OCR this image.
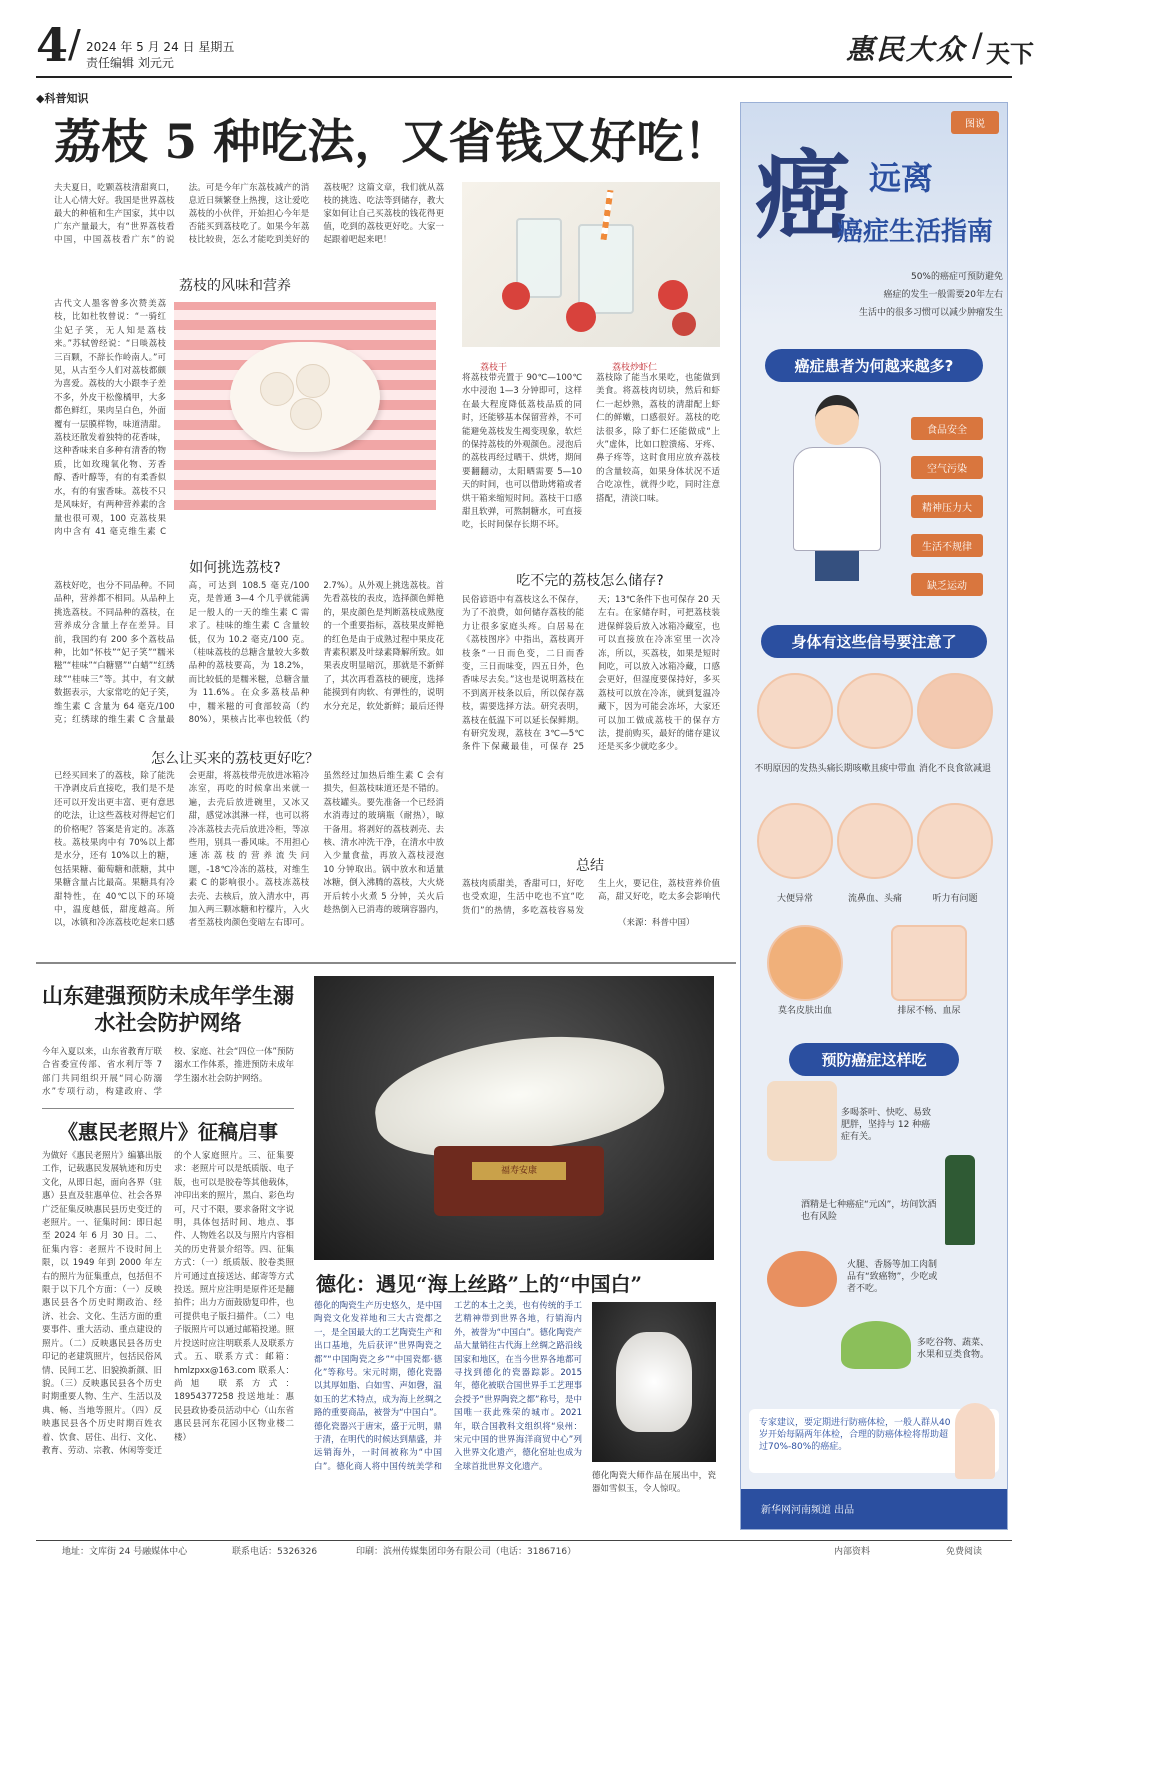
4 / 2024 年 5 月 24 日 星期五
责任编辑 刘元元	惠民大众 / 天下
◆科普知识
荔枝 5 种吃法，又省钱又好吃！
夫夫夏日，吃颗荔枝清甜爽口，让人心情大好。我国是世界荔枝最大的种植和生产国家，其中以广东产量最大，有“世界荔枝看中国，中国荔枝看广东”的说法。可是今年广东荔枝减产的消息近日频繁登上热搜，这让爱吃荔枝的小伙伴，开始担心今年是否能买到荔枝吃了。如果今年荔枝比较贵，怎么才能吃到美好的荔枝呢？这篇文章，我们就从荔枝的挑选、吃法等到储存，教大家如何让自己买荔枝的钱花得更值，吃到的荔枝更好吃。大家一起跟着吧起来吧！
荔枝的风味和营养
古代文人墨客曾多次赞美荔枝，比如杜牧曾说：“一骑红尘妃子笑，无人知是荔枝来。”苏轼曾经说：“日啖荔枝三百颗，不辞长作岭南人。”可见，从古至今人们对荔枝都颇为喜爱。荔枝的大小跟李子差不多，外皮干松像橘甲，大多都色鲜红，果肉呈白色，外面覆有一层膜样物，味道清甜。荔枝还散发着独特的花香味，这种香味来自多种有清香的物质，比如玫瑰氧化物、芳香醇、香叶醇等，有的有柔香似水，有的有蜜香味。荔枝不只是风味好，有两种营养素的含量也很可观，100 克荔枝果肉中含有 41 毫克维生素 C
荔枝干
将荔枝带壳置于 90℃—100℃水中浸泡 1—3 分钟即可，这样在最大程度降低荔枝品质的同时，还能够基本保留营养，不可能避免荔枝发生褐变现象，软烂的保持荔枝的外观颜色。浸泡后的荔枝再经过晒干、烘烤，期间要翻翻动，太阳晒需要 5—10 天的时间，也可以借助烤箱或者烘干箱来缩短时间。荔枝干口感甜且软弹，可熬制糖水，可直接吃，长时间保存长期不坏。
荔枝炒虾仁
荔枝除了能当水果吃，也能做到美食。将荔枝肉切块，然后和虾仁一起炒熟，荔枝的清甜配上虾仁的鲜嫩，口感很好。荔枝的吃法很多，除了虾仁还能做成“上火”虚体，比如口腔溃疡、牙疼、鼻子疼等，这时食用应放弃荔枝的含量较高，如果身体状况不适合吃凉性，就得少吃，同时注意搭配，清淡口味。
如何挑选荔枝?
荔枝好吃，也分不同品种。不同品种，营养都不相同。从品种上挑选荔枝。不同品种的荔枝，在营养成分含量上存在差异。目前，我国约有 200 多个荔枝品种，比如“怀枝”“妃子笑”“糯米糍”“桂味”“白糖罂”“白蜡”“红绣球”“桂味三”等。其中，有文献数据表示，大家常吃的妃子笑，维生素 C 含量为 64 毫克/100 克；红绣球的维生素 C 含量最高，可达到 108.5 毫克/100 克，是普通 3—4 个几乎就能满足一般人的一天的维生素 C 需求了。桂味的维生素 C 含量较低，仅为 10.2 毫克/100 克。（桂味荔枝的总糖含量较大多数品种的荔枝要高，为 18.2%，而比较低的是糯米糍，总糖含量为 11.6%。在众多荔枝品种中，糯米糍的可食部较高（约 80%），果核占比率也较低（约 2.7%）。从外观上挑选荔枝。首先看荔枝的表皮，选择颜色鲜艳的，果皮颜色是判断荔枝成熟度的一个重要指标，荔枝果皮鲜艳的红色是由于成熟过程中果皮花青素积累及叶绿素降解所致。如果表皮明显暗沉，那就是不新鲜了，其次再看荔枝的硬度，选择能摸到有肉软、有弹性的，说明水分充足，软处新鲜；最后还得
吃不完的荔枝怎么储存?
民俗谚语中有荔枝这么不保存，为了不浪费，如何储存荔枝的能力让很多家庭头疼。白居易在《荔枝图序》中指出，荔枝离开枝条“一日而色变，二日而香变，三日而味变，四五日外，色香味尽去矣。”这也是说明荔枝在不到离开枝条以后，所以保存荔枝，需要选择方法。研究表明，荔枝在低温下可以延长保鲜期。有研究发现，荔枝在 3℃—5℃条件下保藏最佳，可保存 25 天；13℃条件下也可保存 20 天左右。在家储存时，可把荔枝装进保鲜袋后放入冰箱冷藏室，也可以直接放在冷冻室里一次冷冻，所以，买荔枝，如果是短时间吃，可以放入冰箱冷藏，口感会更好，但湿度要保持好，多买荔枝可以放在冷冻，就到复温冷藏下，因为可能会冻坏，大家还可以加工做成荔枝干的保存方法，提前购买，最好的储存建议还是买多少就吃多少。
怎么让买来的荔枝更好吃？
已经买回来了的荔枝，除了能洗干净剥皮后直接吃，我们是不是还可以开发出更丰富、更有意思的吃法，让这些荔枝对得起它们的价格呢？答案是肯定的。冻荔枝。荔枝果肉中有 70%以上都是水分，还有 10%以上的糖，包括果糖、葡萄糖和蔗糖，其中果糖含量占比最高。果糖具有冷甜特性，在 40℃以下的环境中，温度越低，甜度越高。所以，冰镇和冷冻荔枝吃起来口感会更甜，将荔枝带壳放进冰箱冷冻室，再吃的时候拿出来就一遍，去壳后放进碗里，又冰又甜，感觉冰淇淋一样，也可以将冷冻荔枝去壳后放进冷柜，等凉些用，别具一番风味。不用担心速冻荔枝的营养流失问题，-18℃冷冻的荔枝，对维生素 C 的影响很小。荔枝冻荔枝去壳、去核后，放入清水中，再加入两三颗冰糖和柠檬片，入火者至荔枝肉颜色变暗左右即可。虽然经过加热后维生素 C 会有损失，但荔枝味道还是不错的。荔枝罐头。要先准备一个已经消水消毒过的玻璃瓶（耐热），晾干备用。将剥好的荔枝剥壳、去核、清水冲洗干净，在清水中放入少量食盐，再放入荔枝浸泡 10 分钟取出。锅中放水和适量冰糖，倒入沸腾的荔枝，大火烧开后转小火煮 5 分钟，关火后趁热倒入已消毒的玻璃容器内，
总结
荔枝肉质甜美，香甜可口，好吃也受欢迎，生活中吃也不宜“吃货们”的热情，多吃荔枝容易发生上火，要记住，荔枝营养价值高，甜又好吃，吃太多会影响代
（来源：科普中国）
山东建强预防未成年学生溺水社会防护网络
今年入夏以来，山东省教育厅联合省委宣传部、省水利厅等 7 部门共同组织开展“同心防溺水”专项行动，构建政府、学校、家庭、社会“四位一体”预防溺水工作体系，推进预防未成年学生溺水社会防护网络。
《惠民老照片》征稿启事
为做好《惠民老照片》编纂出版工作，记载惠民发展轨迹和历史文化，从即日起，面向各界（驻惠）县直及驻惠单位、社会各界广泛征集反映惠民县历史变迁的老照片。一、征集时间：即日起至 2024 年 6 月 30 日。二、征集内容：老照片不设时间上限，以 1949 年到 2000 年左右的照片为征集重点，包括但不限于以下几个方面：（一）反映惠民县各个历史时期政治、经济、社会、文化、生活方面的重要事件、重大活动、重点建设的照片。（二）反映惠民县各历史印记的老建筑照片，包括民俗风情、民间工艺、旧貌换新颜、旧貌。（三）反映惠民县各个历史时期重要人物、生产、生活以及典、畅、当地等照片。（四）反映惠民县各个历史时期百姓衣着、饮食、居住、出行、文化、教育、劳动、宗教、休闲等变迁的个人家庭照片。三、征集要求：老照片可以是纸质版、电子版，也可以是胶卷等其他载体，冲印出来的照片，黑白、彩色均可，尺寸不限，要求备附文字说明，具体包括时间、地点、事件、人物姓名以及与照片内容相关的历史背景介绍等。四、征集方式：（一）纸质版、胶卷类照片可通过直接送达、邮寄等方式投送。照片应注明是原件还是翻拍件；出力方面鼓励复印件，也可提供电子版扫描件。（二）电子版照片可以通过邮箱投递。照片投送时应注明联系人及联系方式。五、联系方式：邮箱：hmlzpxx@163.com 联系人：尚旭 联系方式：18954377258 投送地址：惠民县政协委员活动中心（山东省惠民县河东花园小区物业楼二楼）
福寿安康
德化：遇见“海上丝路”上的“中国白”
德化的陶瓷生产历史悠久，是中国陶瓷文化发祥地和三大古瓷都之一，是全国最大的工艺陶瓷生产和出口基地，先后获评“世界陶瓷之都”“中国陶瓷之乡”“中国瓷都·德化”等称号。宋元时期，德化瓷器以其厚如脂、白如雪、声如磬，温如玉的艺术特点，成为海上丝绸之路的重要商品，被誉为“中国白”。德化瓷器兴于唐宋，盛于元明，鼎于清，在明代的时候达到鼎盛，并远销海外，一时间被称为“中国白”。德化商人将中国传统美学和工艺的本土之美，也有传统的手工艺精神带到世界各地，行销海内外，被誉为“中国白”。德化陶瓷产品大量销往古代海上丝绸之路沿线国家和地区，在当今世界各地都可寻找到德化的瓷器踪影。2015 年，德化被联合国世界手工艺理事会授予“世界陶瓷之都”称号，是中国唯一获此殊荣的城市。2021 年，联合国教科文组织将“泉州：宋元中国的世界海洋商贸中心”列入世界文化遗产，德化窑址也成为全球首批世界文化遗产。
德化陶瓷大师作品在展出中，瓷器如雪似玉，令人惊叹。
图说
癌 远离
癌症生活指南
50%的癌症可预防避免
癌症的发生一般需要20年左右
生活中的很多习惯可以减少肿瘤发生
癌症患者为何越来越多?
食品安全
空气污染
精神压力大
生活不规律
缺乏运动
身体有这些信号要注意了
不明原因的发热头痛
长期咳嗽且痰中带血 消化不良食欲减退
大便异常	流鼻血、头痛	听力有问题
莫名皮肤出血	排尿不畅、血尿
预防癌症这样吃
多喝茶叶、快吃、易致肥胖，坚持与 12 种癌症有关。
酒精是七种癌症“元凶”，坊间饮酒也有风险
火腿、香肠等加工肉制品有“致癌物”，少吃或者不吃。
多吃谷物、蔬菜、水果和豆类食物。
专家建议，要定期进行防癌体检，一般人群从40岁开始每隔两年体检，合理的防癌体检将帮助超过70%-80%的癌症。
新华网河南频道 出品
地址：文库街 24 号融媒体中心	联系电话：5326326	印刷：滨州传媒集团印务有限公司（电话：3186716）	内部资料	免费阅读
